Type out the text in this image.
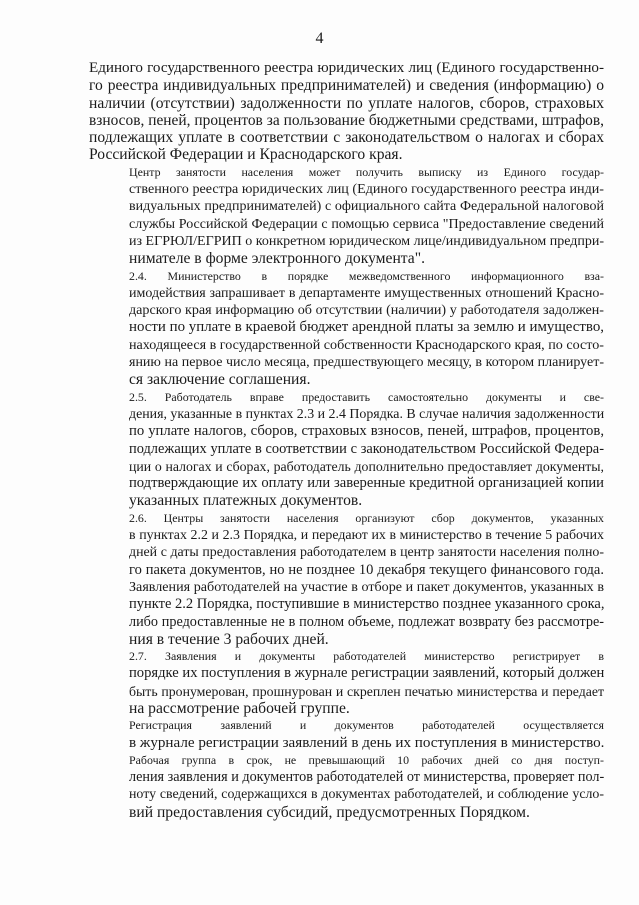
4
Единого государственного реестра юридических лиц (Единого государственно-
го реестра индивидуальных предпринимателей) и сведения (информацию) о
наличии (отсутствии) задолженности по уплате налогов, сборов, страховых
взносов, пеней, процентов за пользование бюджетными средствами, штрафов,
подлежащих уплате в соответствии с законодательством о налогах и сборах
Российской Федерации и Краснодарского края.
Центр занятости населения может получить выписку из Единого государ-
ственного реестра юридических лиц (Единого государственного реестра инди-
видуальных предпринимателей) с официального сайта Федеральной налоговой
службы Российской Федерации с помощью сервиса "Предоставление сведений
из ЕГРЮЛ/ЕГРИП о конкретном юридическом лице/индивидуальном предпри-
нимателе в форме электронного документа".
2.4. Министерство в порядке межведомственного информационного вза-
имодействия запрашивает в департаменте имущественных отношений Красно-
дарского края информацию об отсутствии (наличии) у работодателя задолжен-
ности по уплате в краевой бюджет арендной платы за землю и имущество,
находящееся в государственной собственности Краснодарского края, по состо-
янию на первое число месяца, предшествующего месяцу, в котором планирует-
ся заключение соглашения.
2.5. Работодатель вправе предоставить самостоятельно документы и све-
дения, указанные в пунктах 2.3 и 2.4 Порядка. В случае наличия задолженности
по уплате налогов, сборов, страховых взносов, пеней, штрафов, процентов,
подлежащих уплате в соответствии с законодательством Российской Федера-
ции о налогах и сборах, работодатель дополнительно предоставляет документы,
подтверждающие их оплату или заверенные кредитной организацией копии
указанных платежных документов.
2.6. Центры занятости населения организуют сбор документов, указанных
в пунктах 2.2 и 2.3 Порядка, и передают их в министерство в течение 5 рабочих
дней с даты предоставления работодателем в центр занятости населения полно-
го пакета документов, но не позднее 10 декабря текущего финансового года.
Заявления работодателей на участие в отборе и пакет документов, указанных в
пункте 2.2 Порядка, поступившие в министерство позднее указанного срока,
либо предоставленные не в полном объеме, подлежат возврату без рассмотре-
ния в течение 3 рабочих дней.
2.7. Заявления и документы работодателей министерство регистрирует в
порядке их поступления в журнале регистрации заявлений, который должен
быть пронумерован, прошнурован и скреплен печатью министерства и передает
на рассмотрение рабочей группе.
Регистрация заявлений и документов работодателей осуществляется
в журнале регистрации заявлений в день их поступления в министерство.
Рабочая группа в срок, не превышающий 10 рабочих дней со дня поступ-
ления заявления и документов работодателей от министерства, проверяет пол-
ноту сведений, содержащихся в документах работодателей, и соблюдение усло-
вий предоставления субсидий, предусмотренных Порядком.
